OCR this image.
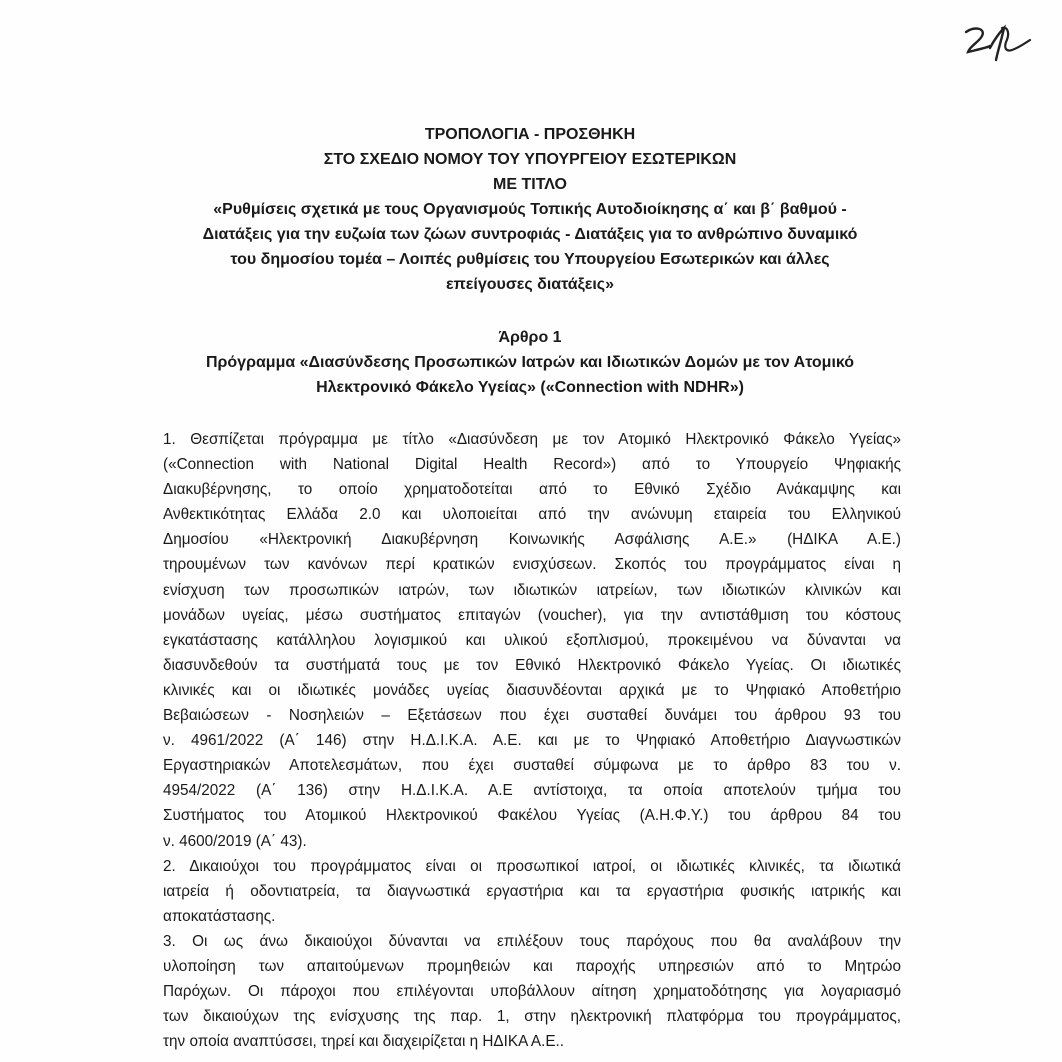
ΤΡΟΠΟΛΟΓΙΑ - ΠΡΟΣΘΗΚΗ
ΣΤΟ ΣΧΕΔΙΟ ΝΟΜΟΥ ΤΟΥ ΥΠΟΥΡΓΕΙΟΥ ΕΣΩΤΕΡΙΚΩΝ
ΜΕ ΤΙΤΛΟ
«Ρυθμίσεις σχετικά με τους Οργανισμούς Τοπικής Αυτοδιοίκησης α΄ και β΄ βαθμού -
Διατάξεις για την ευζωία των ζώων συντροφιάς - Διατάξεις για το ανθρώπινο δυναμικό
του δημοσίου τομέα – Λοιπές ρυθμίσεις του Υπουργείου Εσωτερικών και άλλες
επείγουσες διατάξεις»
Άρθρο 1
Πρόγραμμα «Διασύνδεσης Προσωπικών Ιατρών και Ιδιωτικών Δομών με τον Ατομικό
Ηλεκτρονικό Φάκελο Υγείας» («Connection with NDHR»)
1. Θεσπίζεται πρόγραμμα με τίτλο «Διασύνδεση με τον Ατομικό Ηλεκτρονικό Φάκελο Υγείας»
(«Connection with National Digital Health Record») από το Υπουργείο Ψηφιακής
Διακυβέρνησης, το οποίο χρηματοδοτείται από το Εθνικό Σχέδιο Ανάκαμψης και
Ανθεκτικότητας Ελλάδα 2.0 και υλοποιείται από την ανώνυμη εταιρεία του Ελληνικού
Δημοσίου «Ηλεκτρονική Διακυβέρνηση Κοινωνικής Ασφάλισης Α.Ε.» (ΗΔΙΚΑ Α.Ε.)
τηρουμένων των κανόνων περί κρατικών ενισχύσεων. Σκοπός του προγράμματος είναι η
ενίσχυση των προσωπικών ιατρών, των ιδιωτικών ιατρείων, των ιδιωτικών κλινικών και
μονάδων υγείας, μέσω συστήματος επιταγών (voucher), για την αντιστάθμιση του κόστους
εγκατάστασης κατάλληλου λογισμικού και υλικού εξοπλισμού, προκειμένου να δύνανται να
διασυνδεθούν τα συστήματά τους με τον Εθνικό Ηλεκτρονικό Φάκελο Υγείας. Οι ιδιωτικές
κλινικές και οι ιδιωτικές μονάδες υγείας διασυνδέονται αρχικά με το Ψηφιακό Αποθετήριο
Βεβαιώσεων - Νοσηλειών – Εξετάσεων που έχει συσταθεί δυνάμει του άρθρου 93 του
ν. 4961/2022 (Α΄ 146) στην Η.Δ.Ι.Κ.Α. Α.Ε. και με το Ψηφιακό Αποθετήριο Διαγνωστικών
Εργαστηριακών Αποτελεσμάτων, που έχει συσταθεί σύμφωνα με το άρθρο 83 του ν.
4954/2022 (Α΄ 136) στην Η.Δ.Ι.Κ.Α. Α.Ε αντίστοιχα, τα οποία αποτελούν τμήμα του
Συστήματος του Ατομικού Ηλεκτρονικού Φακέλου Υγείας (Α.Η.Φ.Υ.) του άρθρου 84 του
ν. 4600/2019 (Α΄ 43).
2. Δικαιούχοι του προγράμματος είναι οι προσωπικοί ιατροί, οι ιδιωτικές κλινικές, τα ιδιωτικά
ιατρεία ή οδοντιατρεία, τα διαγνωστικά εργαστήρια και τα εργαστήρια φυσικής ιατρικής και
αποκατάστασης.
3. Οι ως άνω δικαιούχοι δύνανται να επιλέξουν τους παρόχους που θα αναλάβουν την
υλοποίηση των απαιτούμενων προμηθειών και παροχής υπηρεσιών από το Μητρώο
Παρόχων. Οι πάροχοι που επιλέγονται υποβάλλουν αίτηση χρηματοδότησης για λογαριασμό
των δικαιούχων της ενίσχυσης της παρ. 1, στην ηλεκτρονική πλατφόρμα του προγράμματος,
την οποία αναπτύσσει, τηρεί και διαχειρίζεται η ΗΔΙΚΑ Α.Ε..
